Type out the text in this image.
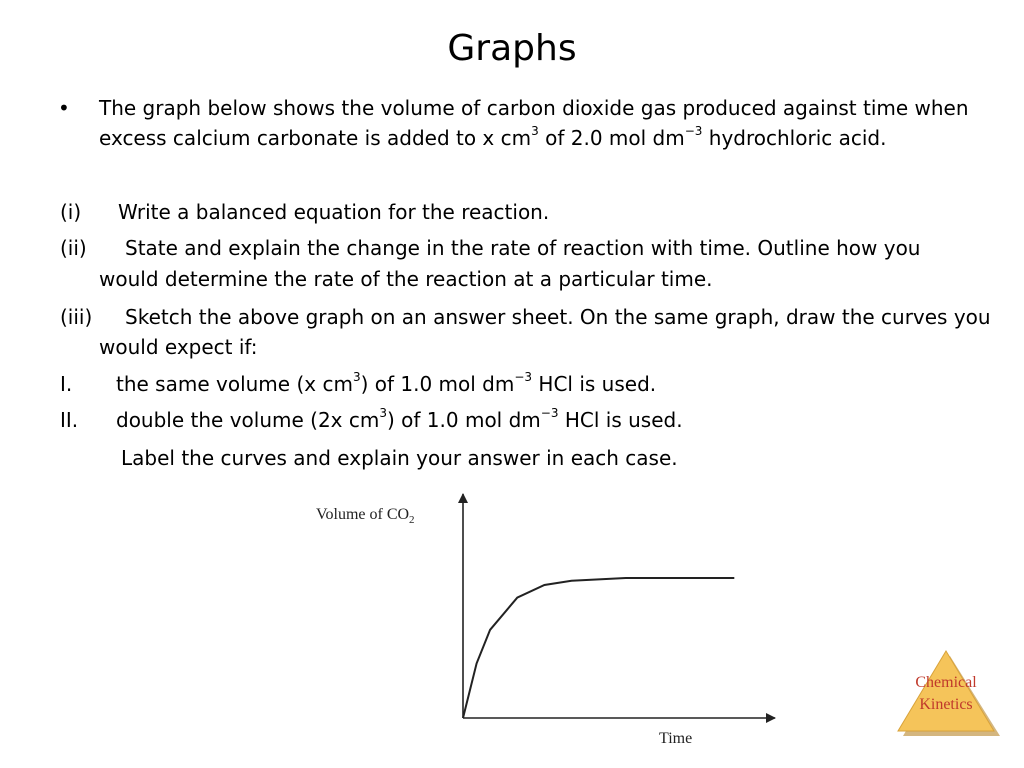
Graphs
• The graph below shows the volume of carbon dioxide gas produced against time when
excess calcium carbonate is added to x $cm^3$ of 2.0 mol $dm^{-3}$ hydrochloric acid.
(i) Write a balanced equation for the reaction.
(ii) State and explain the change in the rate of reaction with time. Outline how you
would determine the rate of the reaction at a particular time.
(iii) Sketch the above graph on an answer sheet. On the same graph, draw the curves you
would expect if:
I. the same volume (x $cm^3$) of 1.0 mol $dm^{-3}$ HCl is used.
II. double the volume (2x $cm^3$) of 1.0 mol $dm^{-3}$ HCl is used.
Label the curves and explain your answer in each case.
Volume of $CO_2$
Time
Chemical
Kinetics
